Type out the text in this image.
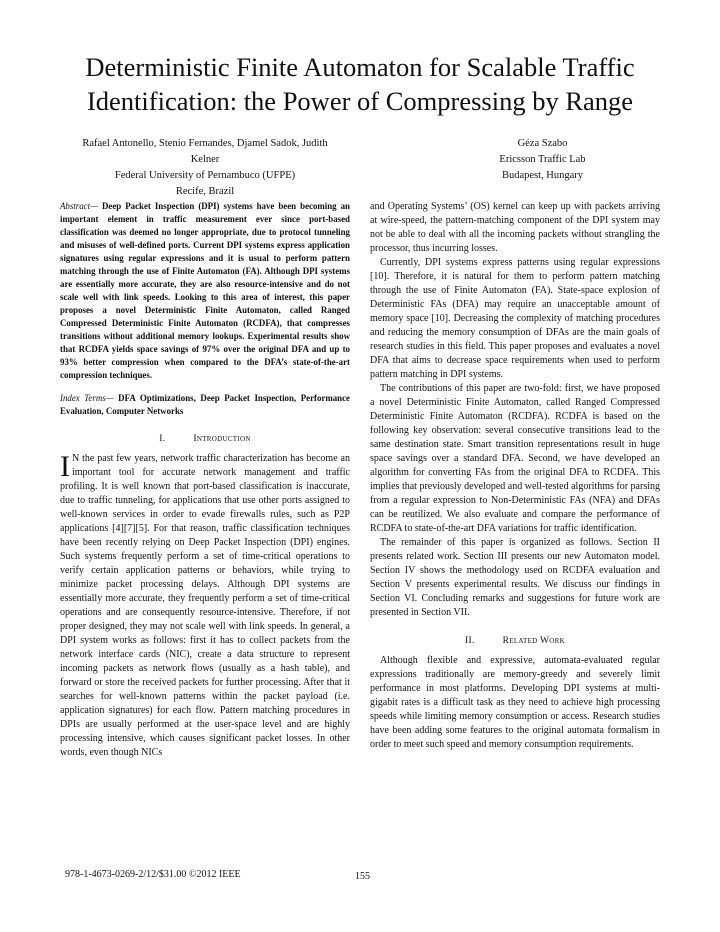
Deterministic Finite Automaton for Scalable Traffic
Identification: the Power of Compressing by Range
Rafael Antonello, Stenio Fernandes, Djamel Sadok, Judith
Kelner
Federal University of Pernambuco (UFPE)
Recife, Brazil
Géza Szabo
Ericsson Traffic Lab
Budapest, Hungary

Abstract— Deep Packet Inspection (DPI) systems have been becoming an important element in traffic measurement ever since port-based classification was deemed no longer appropriate, due to protocol tunneling and misuses of well-defined ports. Current DPI systems express application signatures using regular expressions and it is usual to perform pattern matching through the use of Finite Automaton (FA). Although DPI systems are essentially more accurate, they are also resource-intensive and do not scale well with link speeds. Looking to this area of interest, this paper proposes a novel Deterministic Finite Automaton, called Ranged Compressed Deterministic Finite Automaton (RCDFA), that compresses transitions without additional memory lookups. Experimental results show that RCDFA yields space savings of 97% over the original DFA and up to 93% better compression when compared to the DFA’s state-of-the-art compression techniques.

Index Terms— DFA Optimizations, Deep Packet Inspection, Performance Evaluation, Computer Networks

I.	Introduction

I N the past few years, network traffic characterization has become an important tool for accurate network management and traffic profiling. It is well known that port-based classification is inaccurate, due to traffic tunneling, for applications that use other ports assigned to well-known services in order to evade firewalls rules, such as P2P applications [4][7][5]. For that reason, traffic classification techniques have been recently relying on Deep Packet Inspection (DPI) engines. Such systems frequently perform a set of time-critical operations to verify certain application patterns or behaviors, while trying to minimize packet processing delays. Although DPI systems are essentially more accurate, they frequently perform a set of time-critical operations and are consequently resource-intensive. Therefore, if not proper designed, they may not scale well with link speeds. In general, a DPI system works as follows: first it has to collect packets from the network interface cards (NIC), create a data structure to represent incoming packets as network flows (usually as a hash table), and forward or store the received packets for further processing. After that it searches for well-known patterns within the packet payload (i.e. application signatures) for each flow. Pattern matching procedures in DPIs are usually performed at the user-space level and are highly processing intensive, which causes significant packet losses. In other words, even though NICs

and Operating Systems’ (OS) kernel can keep up with packets arriving at wire-speed, the pattern-matching component of the DPI system may not be able to deal with all the incoming packets without strangling the processor, thus incurring losses.

Currently, DPI systems express patterns using regular expressions [10]. Therefore, it is natural for them to perform pattern matching through the use of Finite Automaton (FA). State-space explosion of Deterministic FAs (DFA) may require an unacceptable amount of memory space [10]. Decreasing the complexity of matching procedures and reducing the memory consumption of DFAs are the main goals of research studies in this field. This paper proposes and evaluates a novel DFA that aims to decrease space requirements when used to perform pattern matching in DPI systems.

The contributions of this paper are two-fold: first, we have proposed a novel Deterministic Finite Automaton, called Ranged Compressed Deterministic Finite Automaton (RCDFA). RCDFA is based on the following key observation: several consecutive transitions lead to the same destination state. Smart transition representations result in huge space savings over a standard DFA. Second, we have developed an algorithm for converting FAs from the original DFA to RCDFA. This implies that previously developed and well-tested algorithms for parsing from a regular expression to Non-Deterministic FAs (NFA) and DFAs can be reutilized. We also evaluate and compare the performance of RCDFA to state-of-the-art DFA variations for traffic identification.

The remainder of this paper is organized as follows. Section II presents related work. Section III presents our new Automaton model. Section IV shows the methodology used on RCDFA evaluation and Section V presents experimental results. We discuss our findings in Section VI. Concluding remarks and suggestions for future work are presented in Section VII.

II.	Related Work

Although flexible and expressive, automata-evaluated regular expressions traditionally are memory-greedy and severely limit performance in most platforms. Developing DPI systems at multi-gigabit rates is a difficult task as they need to achieve high processing speeds while limiting memory consumption or access. Research studies have been adding some features to the original automata formalism in order to meet such speed and memory consumption requirements.

978-1-4673-0269-2/12/$31.00 ©2012 IEEE	155
